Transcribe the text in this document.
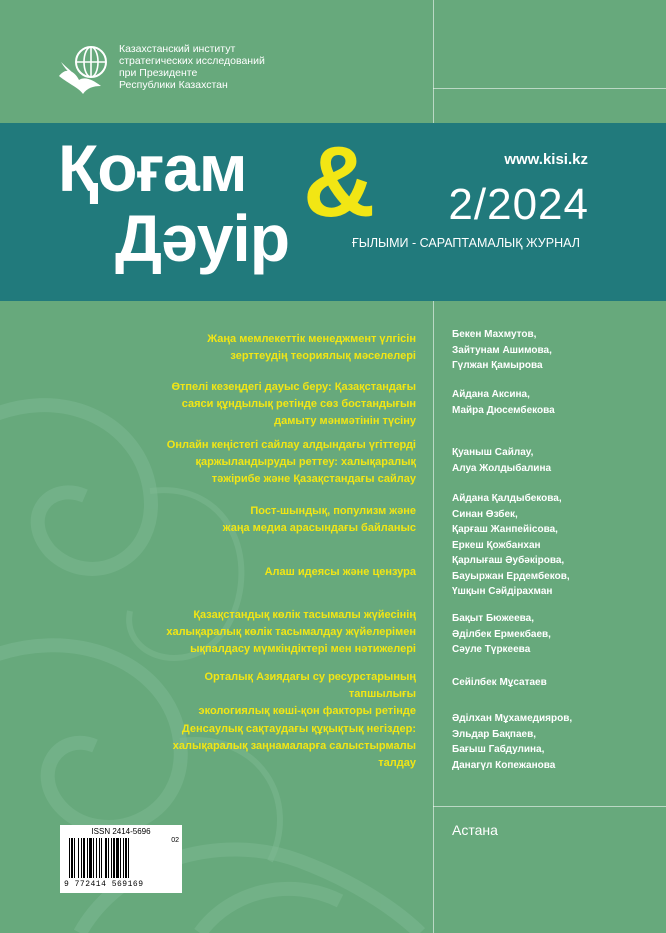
Казахстанский институт
стратегических исследований
при Президенте
Республики Казахстан
Қоғам
Дәуір &	www.kisi.kz
2/2024
ҒЫЛЫМИ - САРАПТАМАЛЫҚ ЖУРНАЛ
Жаңа мемлекеттік менеджмент үлгісін
зерттеудің теориялық мәселелері
Бекен Махмутов,
Зайтунам Ашимова,
Гүлжан Қамырова
Өтпелі кезеңдегі дауыс беру: Қазақстандағы
саяси құндылық ретінде сөз бостандығын
дамыту мәнмәтінін түсіну
Айдана Аксина,
Майра Дюсембекова
Онлайн кеңістегі сайлау алдындағы үгіттерді
қаржыландыруды реттеу: халықаралық
тәжірибе және Қазақстандағы сайлау
Қуаныш Сайлау,
Алуа Жолдыбалина
Пост-шындық, популизм және
жаңа медиа арасындағы байланыс
Айдана Қалдыбекова,
Синан Өзбек,
Қарғаш Жанпейісова,
Еркеш Қожбанхан
Алаш идеясы және цензура
Қарлығаш Әубәкірова,
Бауыржан Ердембеков,
Үшқын Сәйдірахман
Қазақстандық көлік тасымалы жүйесінің
халықаралық көлік тасымалдау жүйелерімен
ықпалдасу мүмкіндіктері мен нәтижелері
Бақыт Бюжеева,
Әділбек Ермекбаев,
Сәуле Түркеева
Орталық Азиядағы су ресурстарының тапшылығы
экологиялық көші-қон факторы ретінде
Сейілбек Мұсатаев
Денсаулық сақтаудағы құқықтық негіздер:
халықаралық заңнамаларға салыстырмалы талдау
Әділхан Мұхамедияров,
Эльдар Бақпаев,
Бағыш Габдулина,
Данагүл Копежанова
ISSN 2414-5696
02
9 772414 569169
Астана
